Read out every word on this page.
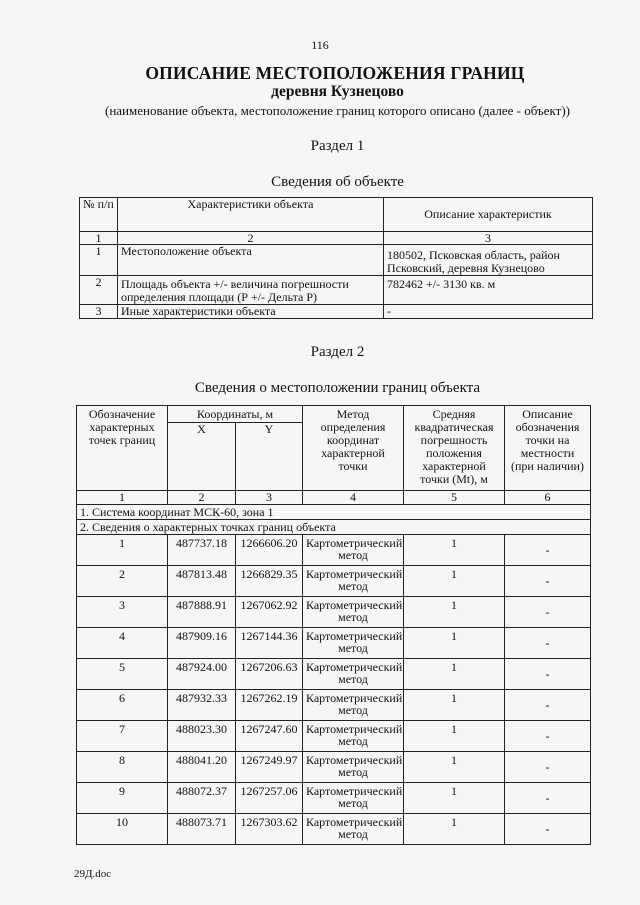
116
ОПИСАНИЕ МЕСТОПОЛОЖЕНИЯ ГРАНИЦ
деревня Кузнецово
(наименование объекта, местоположение границ которого описано (далее - объект))
Раздел 1
Сведения об объекте
№ п/п	Характеристики объекта	Описание характеристик
1	2	3
1	Местоположение объекта	180502, Псковская область, район Псковский, деревня Кузнецово
2	Площадь объекта +/- величина погрешности определения площади (Р +/- Дельта Р)	782462 +/- 3130 кв. м
3	Иные характеристики объекта	-
Раздел 2
Сведения о местоположении границ объекта
Обозначение характерных точек границ	Координаты, м		Метод определения координат характерной точки	Средняя квадратическая погрешность положения характерной точки (Mt), м	Описание обозначения точки на местности (при наличии)
	X	Y			
1	2	3	4	5	6
1. Система координат МСК-60, зона 1					
2. Сведения о характерных точках границ объекта					
1	487737.18	1266606.20	Картометрический метод	1	-
2	487813.48	1266829.35	Картометрический метод	1	-
3	487888.91	1267062.92	Картометрический метод	1	-
4	487909.16	1267144.36	Картометрический метод	1	-
5	487924.00	1267206.63	Картометрический метод	1	-
6	487932.33	1267262.19	Картометрический метод	1	-
7	488023.30	1267247.60	Картометрический метод	1	-
8	488041.20	1267249.97	Картометрический метод	1	-
9	488072.37	1267257.06	Картометрический метод	1	-
10	488073.71	1267303.62	Картометрический метод	1	-
29Д.doc
